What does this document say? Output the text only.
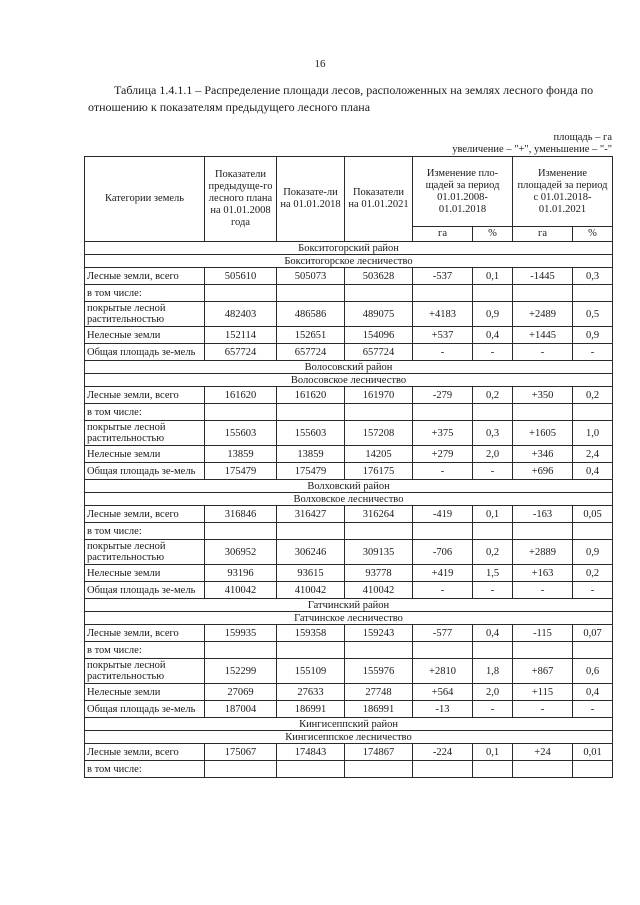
16
Таблица 1.4.1.1 – Распределение площади лесов, расположенных на землях лесного фонда по отношению к показателям предыдущего лесного плана
площадь – га
увеличение – "+", уменьшение – "-"
Категории земель	Показатели предыдуще-го лесного плана на 01.01.2008 года	Показате-ли на 01.01.2018	Показатели на 01.01.2021	Изменение пло-щадей за период 01.01.2008-01.01.2018		Изменение площадей за период с 01.01.2018-01.01.2021	
				га	%	га	%
Бокситогорский район							
Бокситогорское лесничество							
Лесные земли, всего	505610	505073	503628	-537	0,1	-1445	0,3
в том числе:							
покрытые лесной растительностью	482403	486586	489075	+4183	0,9	+2489	0,5
Нелесные земли	152114	152651	154096	+537	0,4	+1445	0,9
Общая площадь зе-мель	657724	657724	657724	-	-	-	-
Волосовский район							
Волосовское лесничество							
Лесные земли, всего	161620	161620	161970	-279	0,2	+350	0,2
в том числе:							
покрытые лесной растительностью	155603	155603	157208	+375	0,3	+1605	1,0
Нелесные земли	13859	13859	14205	+279	2,0	+346	2,4
Общая площадь зе-мель	175479	175479	176175	-	-	+696	0,4
Волховский район							
Волховское лесничество							
Лесные земли, всего	316846	316427	316264	-419	0,1	-163	0,05
в том числе:							
покрытые лесной растительностью	306952	306246	309135	-706	0,2	+2889	0,9
Нелесные земли	93196	93615	93778	+419	1,5	+163	0,2
Общая площадь зе-мель	410042	410042	410042	-	-	-	-
Гатчинский район							
Гатчинское лесничество							
Лесные земли, всего	159935	159358	159243	-577	0,4	-115	0,07
в том числе:							
покрытые лесной растительностью	152299	155109	155976	+2810	1,8	+867	0,6
Нелесные земли	27069	27633	27748	+564	2,0	+115	0,4
Общая площадь зе-мель	187004	186991	186991	-13	-	-	-
Кингисеппский район							
Кингисеппское лесничество							
Лесные земли, всего	175067	174843	174867	-224	0,1	+24	0,01
в том числе:							
